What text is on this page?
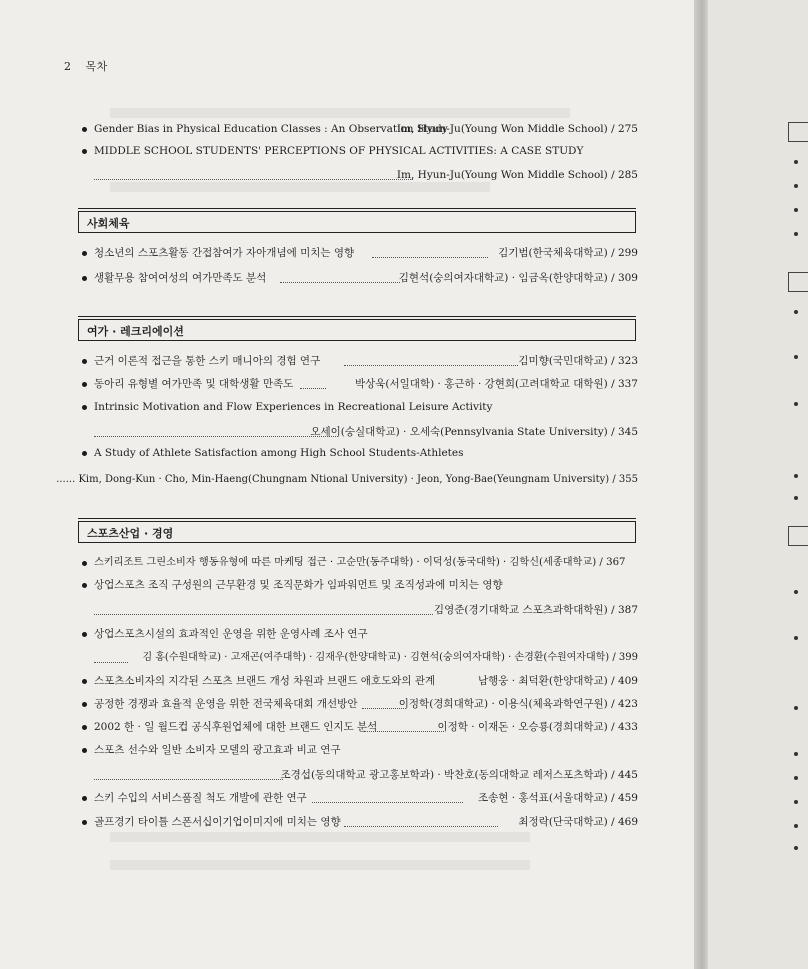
2 목차
Gender Bias in Physical Education Classes : An Observation Study
Im, Hyun-Ju(Young Won Middle School) / 275
MIDDLE SCHOOL STUDENTS' PERCEPTIONS OF PHYSICAL ACTIVITIES: A CASE STUDY
Im, Hyun-Ju(Young Won Middle School) / 285
사회체육
청소년의 스포츠활동 간접참여가 자아개념에 미치는 영향	김기범(한국체육대학교) / 299
생활무용 참여여성의 여가만족도 분석	김현석(숭의여자대학교) · 임금옥(한양대학교) / 309
여가 · 레크리에이션
근거 이론적 접근을 통한 스키 매니아의 경험 연구	김미향(국민대학교) / 323
동아리 유형별 여가만족 및 대학생활 만족도	박상욱(서일대학) · 홍근하 · 강현희(고려대학교 대학원) / 337
Intrinsic Motivation and Flow Experiences in Recreational Leisure Activity
오세이(숭실대학교) · 오세숙(Pennsylvania State University) / 345
A Study of Athlete Satisfaction among High School Students-Athletes
...... Kim, Dong-Kun · Cho, Min-Haeng(Chungnam Ntional University) · Jeon, Yong-Bae(Yeungnam University) / 355
스포츠산업 · 경영
스키리조트 그린소비자 행동유형에 따른 마케팅 접근 · 고순만(동주대학) · 이덕성(동국대학) · 김학신(세종대학교) / 367
상업스포츠 조직 구성원의 근무환경 및 조직문화가 임파워먼트 및 조직성과에 미치는 영향
김영준(경기대학교 스포츠과학대학원) / 387
상업스포츠시설의 효과적인 운영을 위한 운영사례 조사 연구
김 홍(수원대학교) · 고재곤(여주대학) · 김재우(한양대학교) · 김현석(숭의여자대학) · 손경환(수원여자대학) / 399
스포츠소비자의 지각된 스포츠 브랜드 개성 차원과 브랜드 애호도와의 관계	남행웅 · 최덕환(한양대학교) / 409
공정한 경쟁과 효율적 운영을 위한 전국체육대회 개선방안	이정학(경희대학교) · 이용식(체육과학연구원) / 423
2002 한 · 일 월드컵 공식후원업체에 대한 브랜드 인지도 분석	이정학 · 이재돈 · 오승룡(경희대학교) / 433
스포츠 선수와 일반 소비자 모델의 광고효과 비교 연구
조경섭(동의대학교 광고홍보학과) · 박찬호(동의대학교 레저스포츠학과) / 445
스키 수입의 서비스품질 척도 개발에 관한 연구	조송현 · 홍석표(서울대학교) / 459
골프경기 타이틀 스폰서십이기업이미지에 미치는 영향	최정락(단국대학교) / 469
